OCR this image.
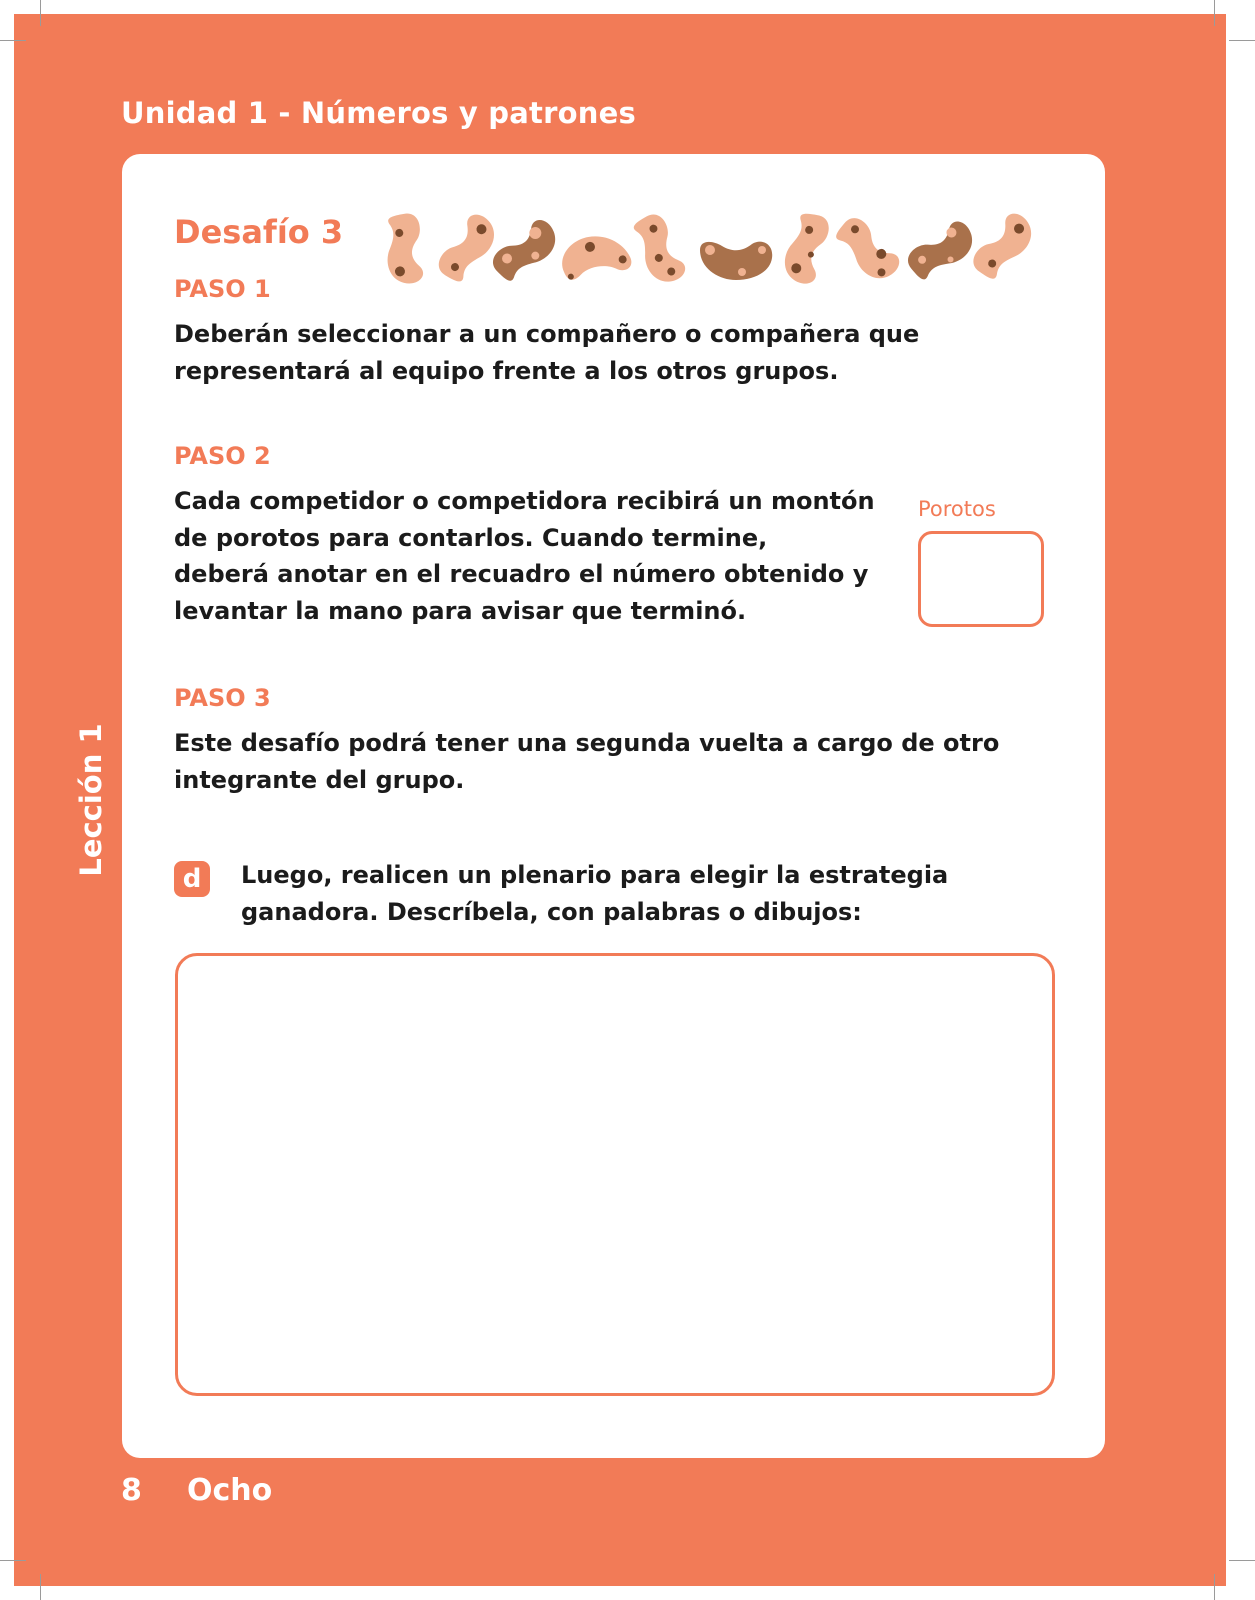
Unidad 1 - Números y patrones
Desafío 3
PASO 1

Deberán seleccionar a un compañero o compañera que
representará al equipo frente a los otros grupos.

PASO 2

Cada competidor o competidora recibirá un montón
de porotos para contarlos. Cuando termine,
deberá anotar en el recuadro el número obtenido y
levantar la mano para avisar que terminó.

Porotos
PASO 3

Este desafío podrá tener una segunda vuelta a cargo de otro
integrante del grupo.

d	Luego, realicen un plenario para elegir la estrategia
ganadora. Descríbela, con palabras o dibujos:

Lección 1
8 Ocho
